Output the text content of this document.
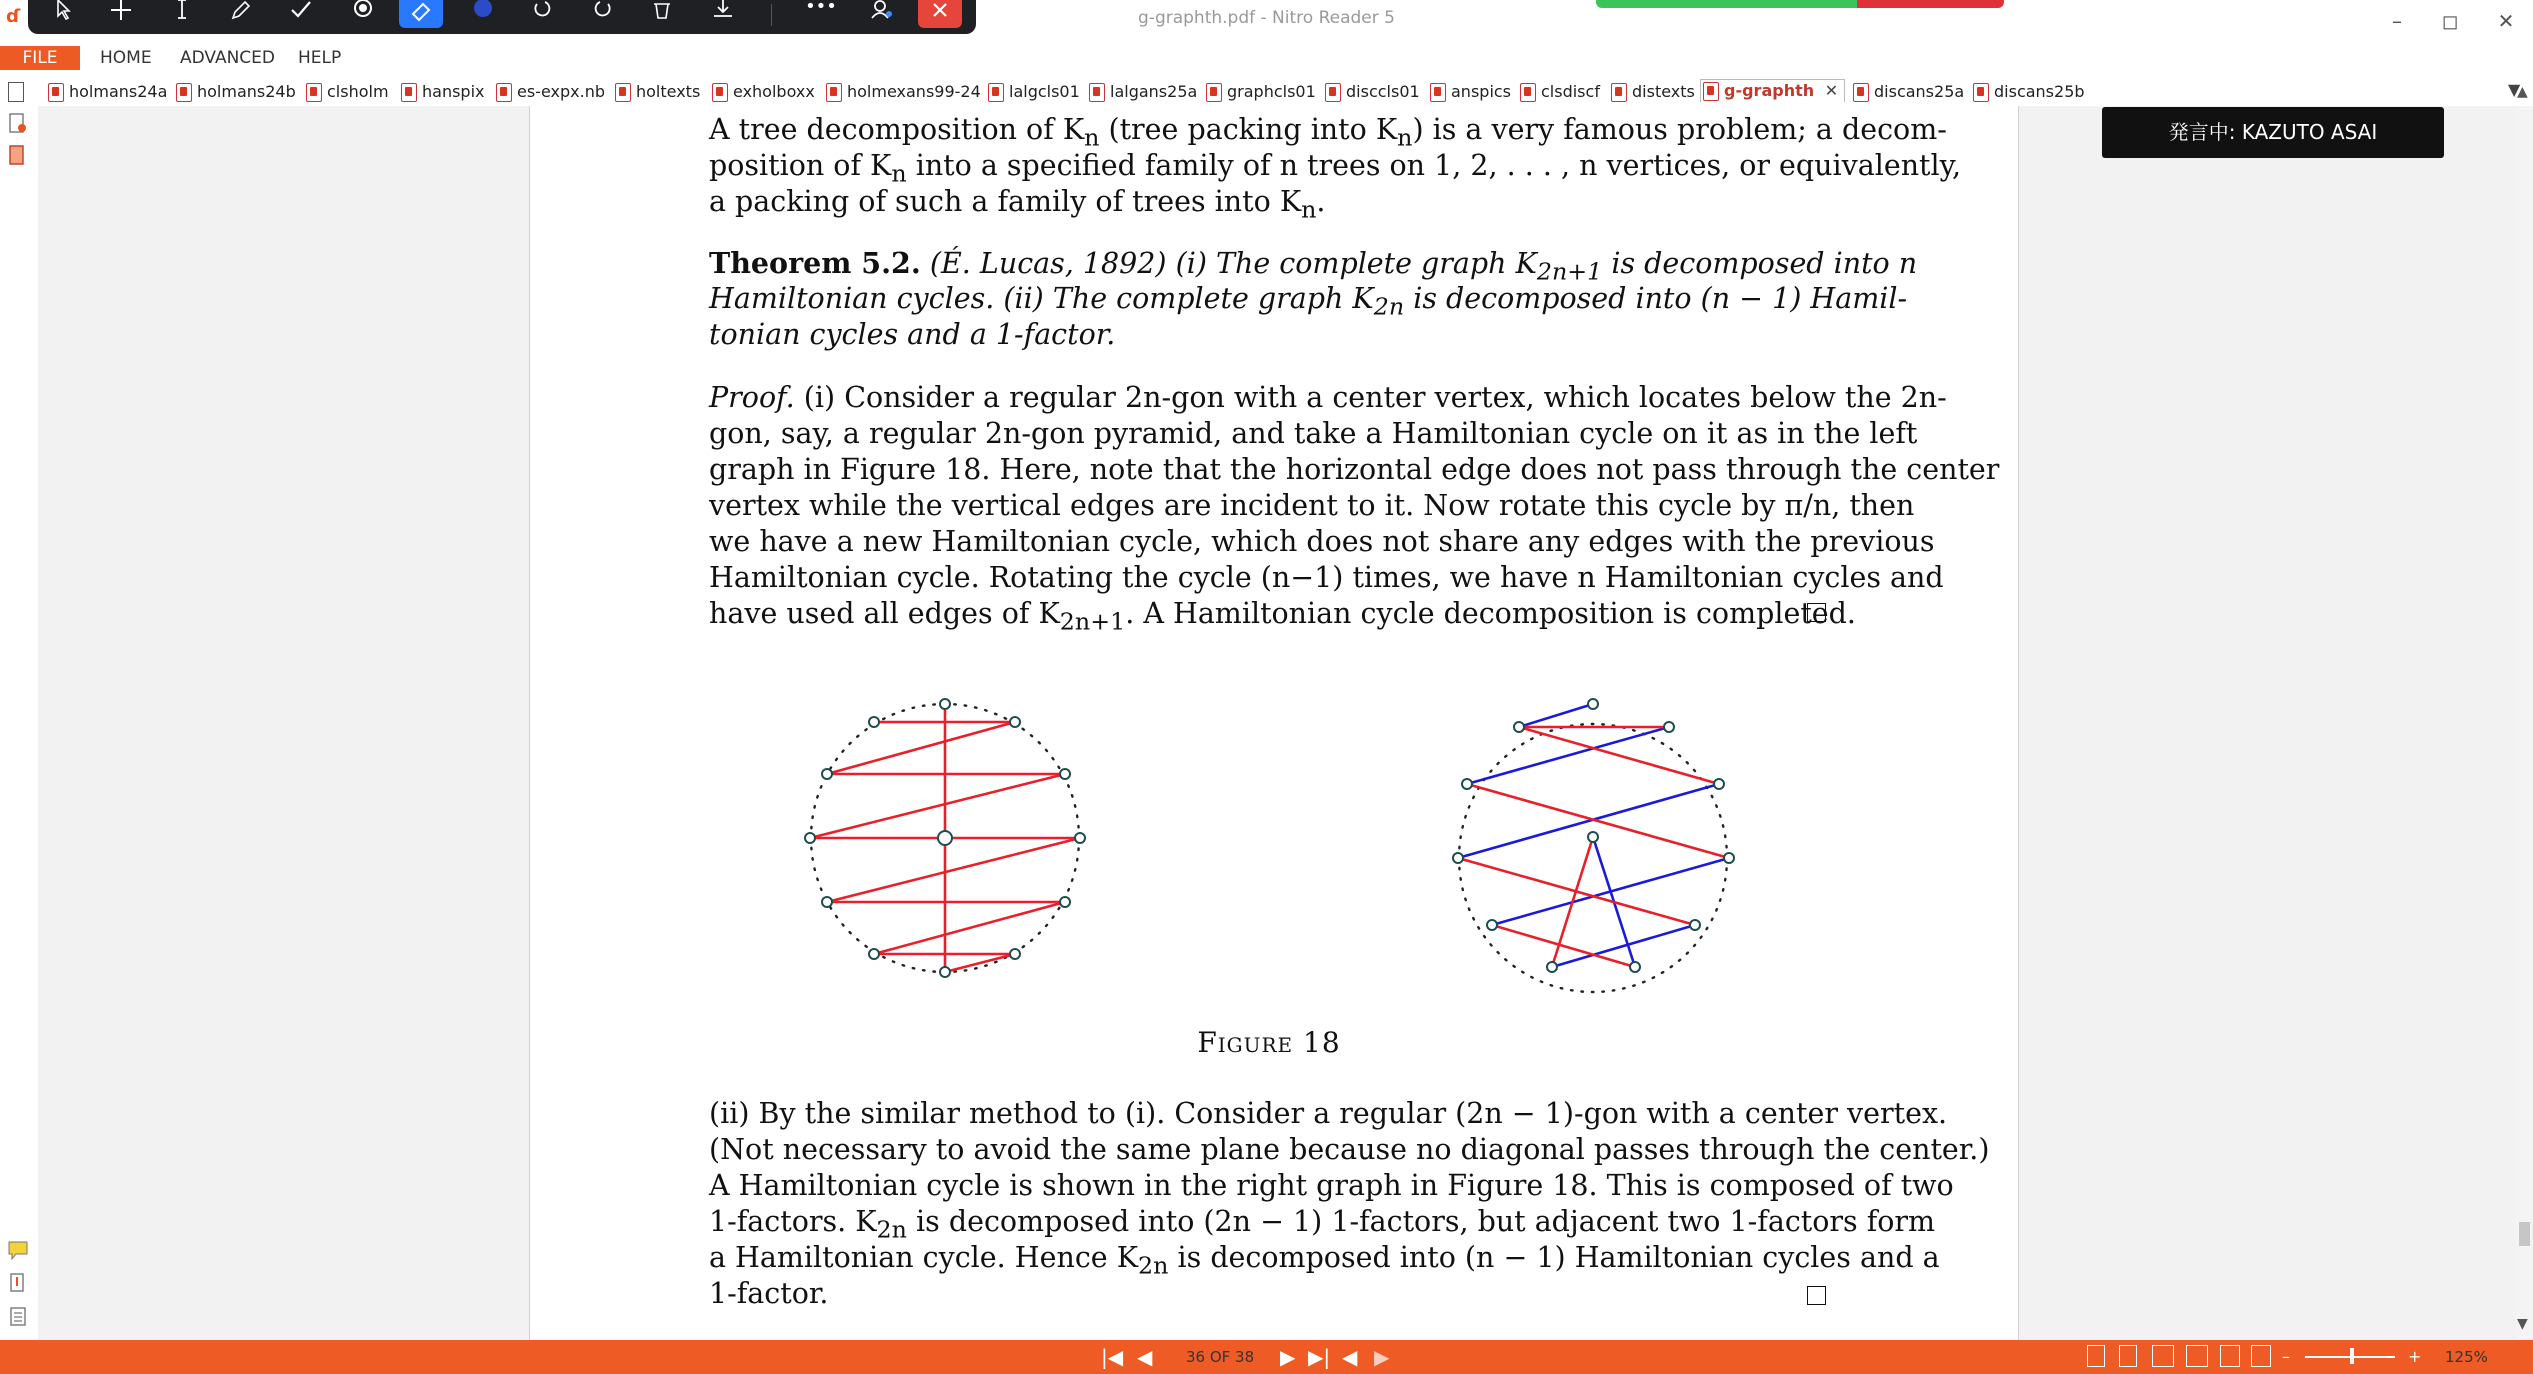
ɗ	g-graphth.pdf - Nitro Reader 5	–	◻ ✕
•••
FILE	HOME ADVANCED HELP
holmans24a	holmans24b	clsholm	hanspix	es-expx.nb	holtexts	exholboxx	holmexans99-24	lalgcls01	lalgans25a	graphcls01	disccls01	anspics	clsdiscf	distexts	g-graphth ✕	discans25a	discans25b	▼
▲
▼
発言中: KAZUTO ASAI
A tree decomposition of $K_n$ (tree packing into $K_n$) is a very famous problem; a decom-
position of $K_n$ into a specified family of n trees on 1, 2, . . . , n vertices, or equivalently,
a packing of such a family of trees into $K_n$.
Theorem 5.2. (É. Lucas, 1892) (i) The complete graph $K_{2n+1}$ is decomposed into n
Hamiltonian cycles. (ii) The complete graph $K_{2n}$ is decomposed into (n − 1) Hamil-
tonian cycles and a 1-factor.
Proof. (i) Consider a regular 2n-gon with a center vertex, which locates below the 2n-
gon, say, a regular 2n-gon pyramid, and take a Hamiltonian cycle on it as in the left
graph in Figure 18. Here, note that the horizontal edge does not pass through the center
vertex while the vertical edges are incident to it. Now rotate this cycle by π/n, then
we have a new Hamiltonian cycle, which does not share any edges with the previous
Hamiltonian cycle. Rotating the cycle (n−1) times, we have n Hamiltonian cycles and
have used all edges of $K_{2n+1}$. A Hamiltonian cycle decomposition is completed.
Figure 18
(ii) By the similar method to (i). Consider a regular (2n − 1)-gon with a center vertex.
(Not necessary to avoid the same plane because no diagonal passes through the center.)
A Hamiltonian cycle is shown in the right graph in Figure 18. This is composed of two
1-factors. $K_{2n}$ is decomposed into (2n − 1) 1-factors, but adjacent two 1-factors form
a Hamiltonian cycle. Hence $K_{2n}$ is decomposed into (n − 1) Hamiltonian cycles and a
1-factor.
|◀ ◀ 36 OF 38 ▶ ▶| ◀ ▶	–	+ 125%
